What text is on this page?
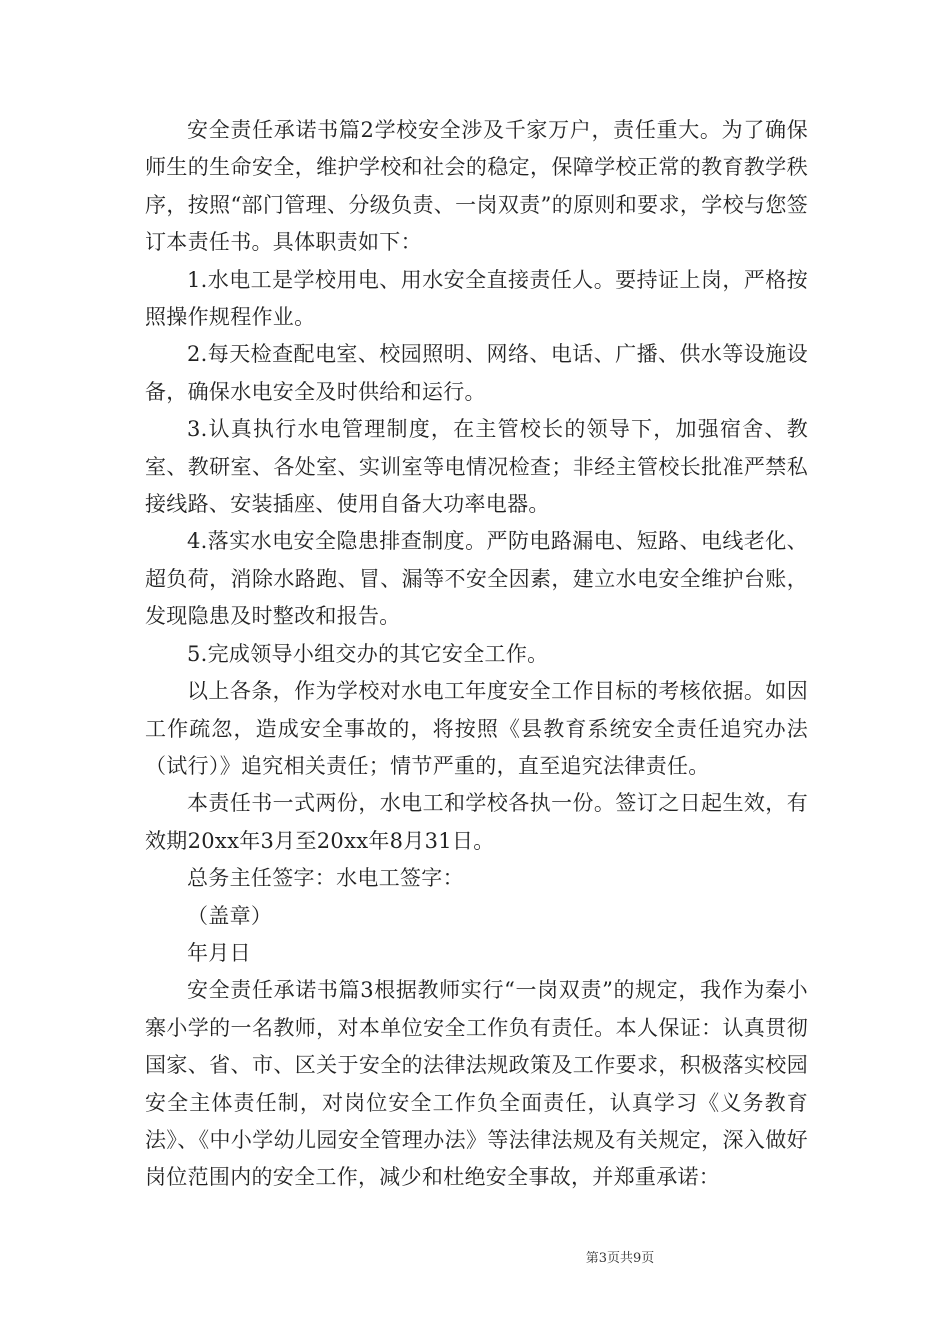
安全责任承诺书篇2学校安全涉及千家万户，责任重大。为了确保师生的生命安全，维护学校和社会的稳定，保障学校正常的教育教学秩序，按照“部门管理、分级负责、一岗双责”的原则和要求，学校与您签订本责任书。具体职责如下：

1.水电工是学校用电、用水安全直接责任人。要持证上岗，严格按照操作规程作业。

2.每天检查配电室、校园照明、网络、电话、广播、供水等设施设备，确保水电安全及时供给和运行。

3.认真执行水电管理制度，在主管校长的领导下，加强宿舍、教室、教研室、各处室、实训室等电情况检查；非经主管校长批准严禁私接线路、安装插座、使用自备大功率电器。

4.落实水电安全隐患排查制度。严防电路漏电、短路、电线老化、超负荷，消除水路跑、冒、漏等不安全因素，建立水电安全维护台账，发现隐患及时整改和报告。

5.完成领导小组交办的其它安全工作。

以上各条，作为学校对水电工年度安全工作目标的考核依据。如因工作疏忽，造成安全事故的，将按照《县教育系统安全责任追究办法（试行）》追究相关责任；情节严重的，直至追究法律责任。

本责任书一式两份，水电工和学校各执一份。签订之日起生效，有效期20xx年3月至20xx年8月31日。

总务主任签字：水电工签字：

（盖章）

年月日

安全责任承诺书篇3根据教师实行“一岗双责”的规定，我作为秦小寨小学的一名教师，对本单位安全工作负有责任。本人保证：认真贯彻国家、省、市、区关于安全的法律法规政策及工作要求，积极落实校园安全主体责任制，对岗位安全工作负全面责任，认真学习《义务教育法》、《中小学幼儿园安全管理办法》等法律法规及有关规定，深入做好岗位范围内的安全工作，减少和杜绝安全事故，并郑重承诺：

第3页共9页
